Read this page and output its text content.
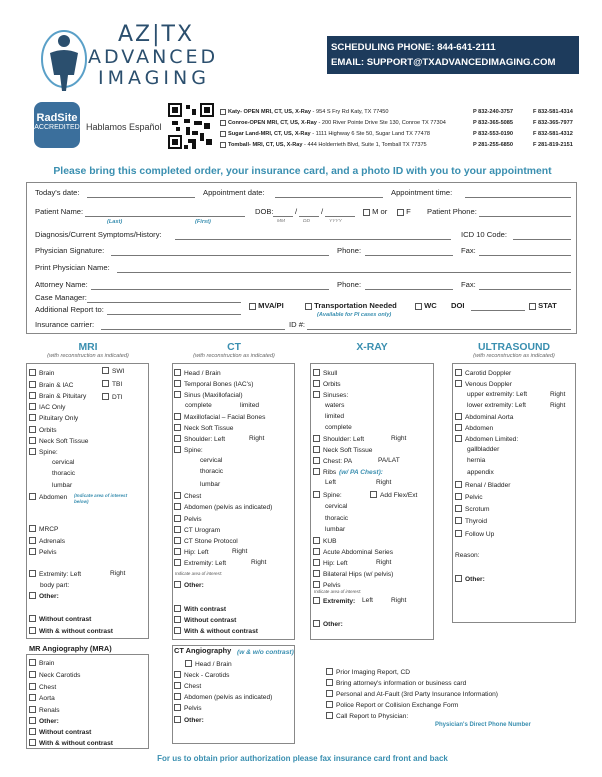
AZ|TX
ADVANCED
IMAGING
SCHEDULING PHONE: 844-641-2111
EMAIL: SUPPORT@TXADVANCEDIMAGING.COM
RadSite
ACCREDITED Hablamos Español
Katy- OPEN MRI, CT, US, X-Ray - 954 S Fry Rd Katy, TX 77450	P 832-240-3757	F 832-581-4314
Conroe-OPEN MRI, CT, US, X-Ray - 200 River Pointe Drive Ste 130, Conroe TX 77304	P 832-365-5085	F 832-365-7977
Sugar Land-MRI, CT, US, X-Ray - 1111 Highway 6 Ste 50, Sugar Land TX 77478	P 832-553-0190	F 832-581-4312
Tomball- MRI, CT, US, X-Ray - 444 Holderrieth Blvd, Suite 1, Tomball TX 77375	P 281-255-6850	F 281-819-2151
Please bring this completed order, your insurance card, and a photo ID with you to your appointment
Today's date:	Appointment date:	Appointment time:
Patient Name:
(Last)	(First)
DOB:	/	/
MM	DD	YYYY
M or	F Patient Phone:
Diagnosis/Current Symptoms/History:	ICD 10 Code:
Physician Signature:	Phone:	Fax:
Print Physician Name:
Attorney Name:	Phone:	Fax:
Case Manager:
MVA/PI	Transportation Needed	WC DOI	STAT
Additional Report to:
(Available for PI cases only)
Insurance carrier:	ID #:
MRI
(with reconstruction as indicated)
CT
(with reconstruction as indicated)
X-RAY	ULTRASOUND
(with reconstruction as indicated)
Brain	SWI
Brain & IAC	TBI
Brain & Pituitary	DTI
IAC Only
Pituitary Only
Orbits
Neck Soft Tissue
Spine:
cervical
thoracic
lumbar
Abdomen
MRCP
Adrenals
Pelvis
Extremity: Left	Right
body part:
Other:
Without contrast
With & without contrast
Brain
Neck Carotids
Chest
Aorta
Renals
Other:
Without contrast
With & without contrast
Head / Brain
Temporal Bones (IAC's)
Sinus (Maxillofacial)
complete	limited
Maxillofacial – Facial Bones
Neck Soft Tissue
Shoulder: Left	Right
Spine:
cervical
thoracic
lumbar
Chest
Abdomen (pelvis as indicated)
Pelvis
CT Urogram
CT Stone Protocol
Hip: Left	Right
Extremity: Left	Right
Other:
With contrast
Without contrast
With & without contrast
Head / Brain
Neck - Carotids
Chest
Abdomen (pelvis as indicated)
Pelvis
Other:
Skull
Orbits
Sinuses:
waters
limited
complete
Shoulder: Left	Right
Neck Soft Tissue
Chest: PA	PA/LAT
Ribs
Left	Right
Spine:	Add Flex/Ext
cervical
thoracic
lumbar
KUB
Acute Abdominal Series
Hip: Left	Right
Bilateral Hips (w/ pelvis)
Pelvis
Extremity: Left	Right
Other:
Carotid Doppler
Venous Doppler
upper extremity: Left	Right
lower extremity: Left	Right
Abdominal Aorta
Abdomen
Abdomen Limited:
gallbladder
hernia
appendix
Renal / Bladder
Pelvic
Scrotum
Thyroid
Follow Up
Reason:
Other:
Prior Imaging Report, CD
Bring attorney's information or business card
Personal and At-Fault (3rd Party Insurance Information)
Police Report or Collision Exchange Form
Call Report to Physician:
(Indicate area of interest below)
Indicate area of interest:
Indicate area of interest:
(w & w/o contrast)
(w/ PA Chest):
CT Angiography
MR Angiography (MRA)
Physician's Direct Phone Number
For us to obtain prior authorization please fax insurance card front and back
